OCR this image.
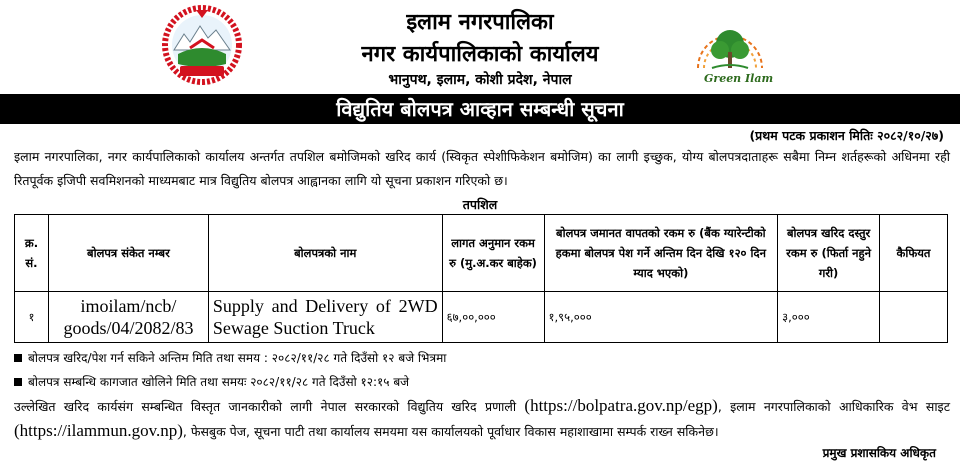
इलाम नगरपालिका
नगर कार्यपालिकाको कार्यालय
भानुपथ, इलाम, कोशी प्रदेश, नेपाल	Green Ilam
विद्युतिय बोलपत्र आव्हान सम्बन्धी सूचना
(प्रथम पटक प्रकाशन मितिः २०८२/१०/२७)
इलाम नगरपालिका, नगर कार्यपालिकाको कार्यालय अन्तर्गत तपशिल बमोजिमको खरिद कार्य (स्विकृत स्पेशीफिकेशन बमोजिम) का लागी इच्छुक, योग्य बोलपत्रदाताहरू सबैमा निम्न शर्तहरूको अधिनमा रही रितपूर्वक इजिपी सवमिशनको माध्यमबाट मात्र विद्युतिय बोलपत्र आह्वानका लागि यो सूचना प्रकाशन गरिएको छ।
तपशिल
क्र. सं.	बोलपत्र संकेत नम्बर	बोलपत्रको नाम	लागत अनुमान रकम रु (मु.अ.कर बाहेक)	बोलपत्र जमानत वापतको रकम रु (बैंक ग्यारेन्टीको हकमा बोलपत्र पेश गर्ने अन्तिम दिन देखि १२० दिन म्याद भएको)	बोलपत्र खरिद दस्तुर रकम रु (फिर्ता नहुने गरी)	कैफियत
१	imoilam/ncb/ goods/04/2082/83	Supply and Delivery of 2WD Sewage Suction Truck	६७,००,०००	१,९५,०००	३,०००	
बोलपत्र खरिद/पेश गर्न सकिने अन्तिम मिति तथा समय : २०८२/११/२८ गते दिउँसो १२ बजे भित्रमा
बोलपत्र सम्बन्धि कागजात खोलिने मिति तथा समयः २०८२/११/२८ गते दिउँसो १२:१५ बजे
उल्लेखित खरिद कार्यसंग सम्बन्धित विस्तृत जानकारीको लागी नेपाल सरकारको विद्युतिय खरिद प्रणाली (https://bolpatra.gov.np/egp), इलाम नगरपालिकाको आधिकारिक वेभ साइट (https://ilammun.gov.np), फेसबुक पेज, सूचना पाटी तथा कार्यालय समयमा यस कार्यालयको पूर्वाधार विकास महाशाखामा सम्पर्क राख्न सकिनेछ।
प्रमुख प्रशासकिय अधिकृत
